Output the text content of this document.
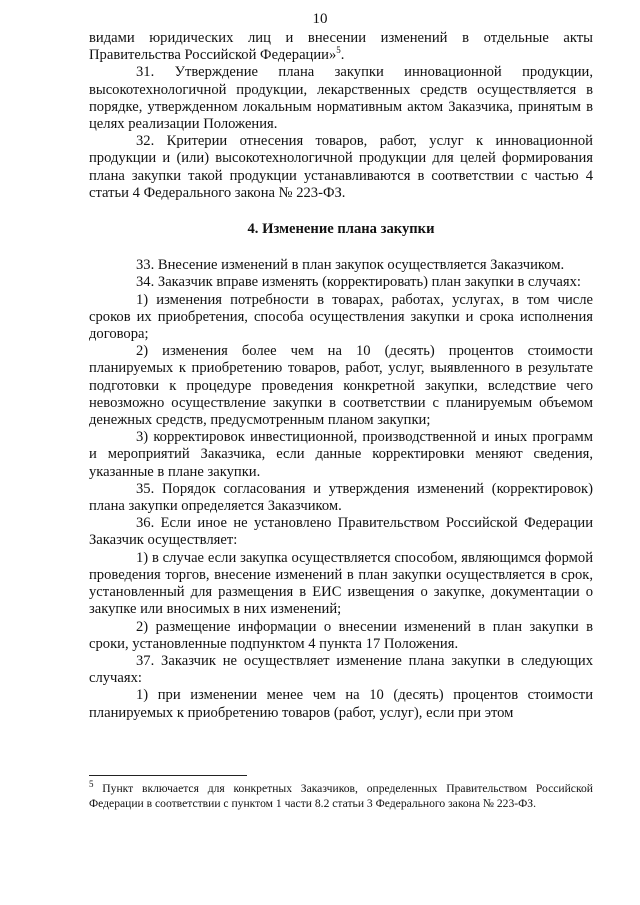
10

видами юридических лиц и внесении изменений в отдельные акты Правительства Российской Федерации»$^5$.

31. Утверждение плана закупки инновационной продукции, высокотехнологичной продукции, лекарственных средств осуществляется в порядке, утвержденном локальным нормативным актом Заказчика, принятым в целях реализации Положения.

32. Критерии отнесения товаров, работ, услуг к инновационной продукции и (или) высокотехнологичной продукции для целей формирования плана закупки такой продукции устанавливаются в соответствии с частью 4 статьи 4 Федерального закона № 223-ФЗ.

4. Изменение плана закупки

33. Внесение изменений в план закупок осуществляется Заказчиком.

34. Заказчик вправе изменять (корректировать) план закупки в случаях:

1) изменения потребности в товарах, работах, услугах, в том числе сроков их приобретения, способа осуществления закупки и срока исполнения договора;

2) изменения более чем на 10 (десять) процентов стоимости планируемых к приобретению товаров, работ, услуг, выявленного в результате подготовки к процедуре проведения конкретной закупки, вследствие чего невозможно осуществление закупки в соответствии с планируемым объемом денежных средств, предусмотренным планом закупки;

3) корректировок инвестиционной, производственной и иных программ и мероприятий Заказчика, если данные корректировки меняют сведения, указанные в плане закупки.

35. Порядок согласования и утверждения изменений (корректировок) плана закупки определяется Заказчиком.

36. Если иное не установлено Правительством Российской Федерации Заказчик осуществляет:

1) в случае если закупка осуществляется способом, являющимся формой проведения торгов, внесение изменений в план закупки осуществляется в срок, установленный для размещения в ЕИС извещения о закупке, документации о закупке или вносимых в них изменений;

2) размещение информации о внесении изменений в план закупки в сроки, установленные подпунктом 4 пункта 17 Положения.

37. Заказчик не осуществляет изменение плана закупки в следующих случаях:

1) при изменении менее чем на 10 (десять) процентов стоимости планируемых к приобретению товаров (работ, услуг), если при этом

$^5$ Пункт включается для конкретных Заказчиков, определенных Правительством Российской Федерации в соответствии с пунктом 1 части 8.2 статьи 3 Федерального закона № 223-ФЗ.
